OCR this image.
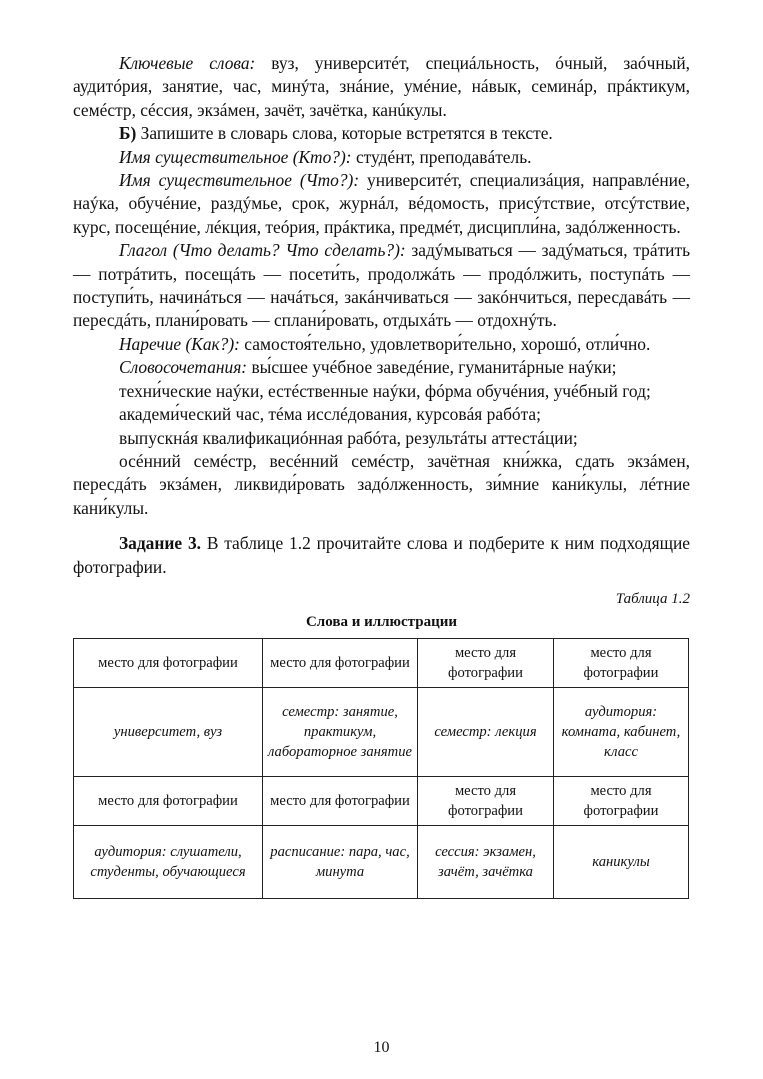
Ключевые слова: вуз, университéт, специáльность, óчный, заóчный, аудитóрия, занятие, час, минýта, знáние, умéние, нáвык, семинáр, прáктикум, семéстр, сéссия, экзáмен, зачёт, зачётка, канúкулы.

Б) Запишите в словарь слова, которые встретятся в тексте.

Имя существительное (Кто?): студéнт, преподавáтель.

Имя существительное (Что?): университéт, специализáция, направлéние, наýка, обучéние, раздýмье, срок, журнáл, вéдомость, присýтствие, отсýтствие, курс, посещéние, лéкция, теóрия, прáктика, предмéт, дисципли́на, задóлженность.

Глагол (Что делать? Что сделать?): задýмываться — задýматься, трáтить — потрáтить, посещáть — посети́ть, продолжáть — продóлжить, поступáть — поступи́ть, начинáться — начáться, закáнчиваться — закóнчиться, пересдавáть — пересдáть, плани́ровать — сплани́ровать, отдыхáть — отдохнýть.

Наречие (Как?): самостоя́тельно, удовлетвори́тельно, хорошó, отли́чно.

Словосочетания: вы́сшее учéбное заведéние, гуманитáрные наýки;

техни́ческие наýки, естéственные наýки, фóрма обучéния, учéбный год;

академи́ческий час, тéма исслéдования, курсовáя рабóта;

выпускнáя квалификациóнная рабóта, результáты аттестáции;

осéнний семéстр, весéнний семéстр, зачётная кни́жка, сдать экзáмен, пересдáть экзáмен, ликвиди́ровать задóлженность, зи́мние кани́кулы, лéтние кани́кулы.

Задание 3. В таблице 1.2 прочитайте слова и подберите к ним подходящие фотографии.

Таблица 1.2
Слова и иллюстрации
место для фотографии	место для фотографии	место для фотографии	место для фотографии
университет, вуз	семестр: занятие, практикум, лабораторное занятие	семестр: лекция	аудитория: комната, кабинет, класс
место для фотографии	место для фотографии	место для фотографии	место для фотографии
аудитория: слушатели, студенты, обучающиеся	расписание: пара, час, минута	сессия: экзамен, зачёт, зачётка	каникулы
10
